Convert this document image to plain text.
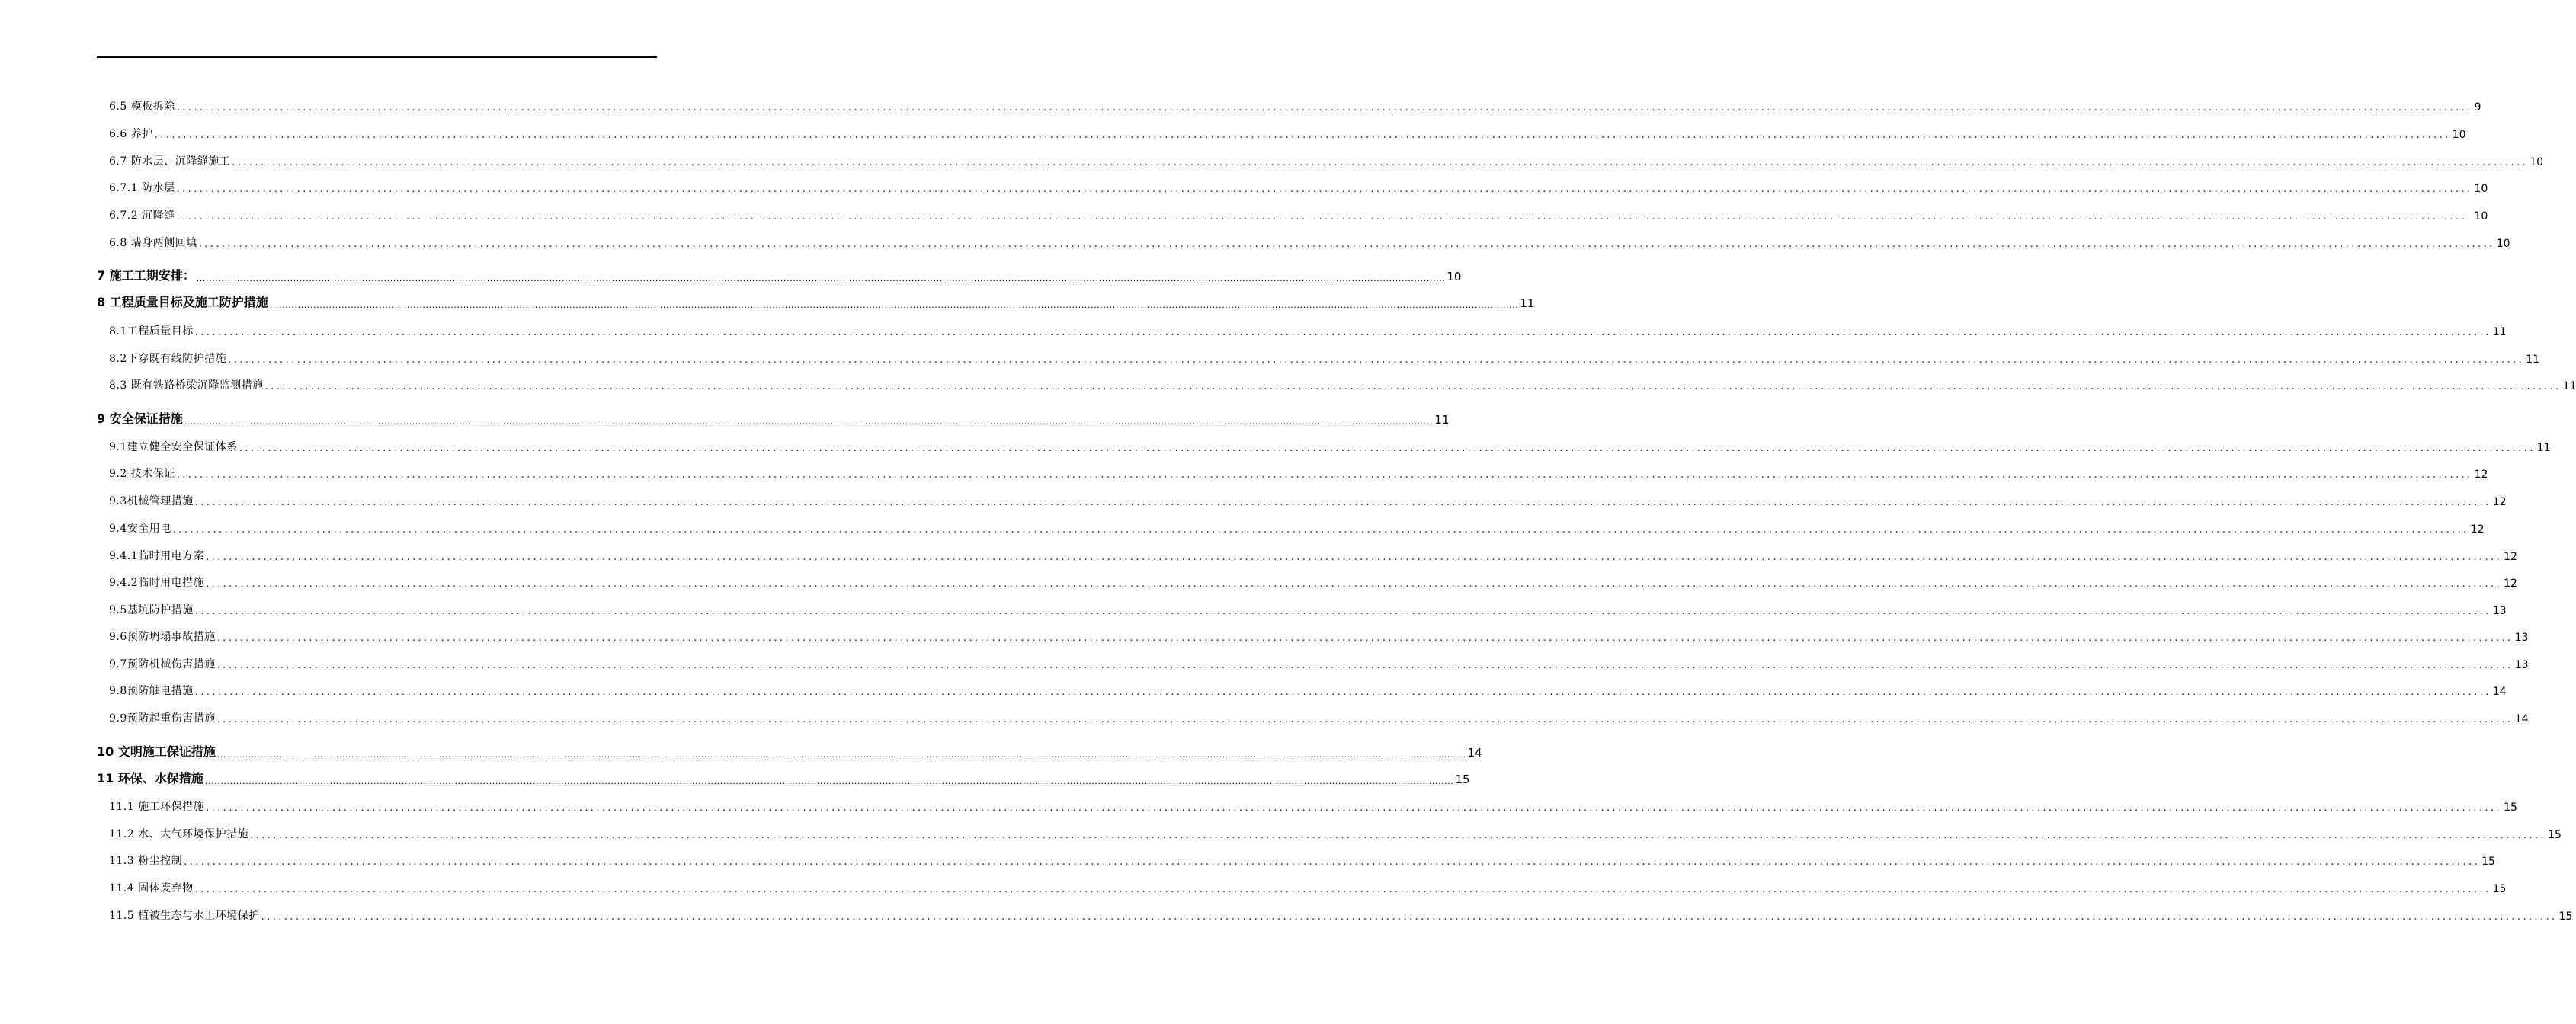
6.5 模板拆除 ................................................................................................................................................................................................................................................................................................................................................................................................................ 9
6.6 养护 ................................................................................................................................................................................................................................................................................................................................................................................................................ 10
6.7 防水层、沉降缝施工 ................................................................................................................................................................................................................................................................................................................................................................................................................ 10
6.7.1 防水层 ................................................................................................................................................................................................................................................................................................................................................................................................................ 10
6.7.2 沉降缝 ................................................................................................................................................................................................................................................................................................................................................................................................................ 10
6.8 墙身两侧回填 ................................................................................................................................................................................................................................................................................................................................................................................................................ 10
7 施工工期安排： ................................................................................................................................................................................................................................................................................................................................................................................................................ 10
8 工程质量目标及施工防护措施 ................................................................................................................................................................................................................................................................................................................................................................................................................ 11
8.1工程质量目标 ................................................................................................................................................................................................................................................................................................................................................................................................................ 11
8.2下穿既有线防护措施 ................................................................................................................................................................................................................................................................................................................................................................................................................ 11
8.3 既有铁路桥梁沉降监测措施 ................................................................................................................................................................................................................................................................................................................................................................................................................ 11
9 安全保证措施 ................................................................................................................................................................................................................................................................................................................................................................................................................ 11
9.1建立健全安全保证体系 ................................................................................................................................................................................................................................................................................................................................................................................................................ 11
9.2 技术保证 ................................................................................................................................................................................................................................................................................................................................................................................................................ 12
9.3机械管理措施 ................................................................................................................................................................................................................................................................................................................................................................................................................ 12
9.4安全用电 ................................................................................................................................................................................................................................................................................................................................................................................................................ 12
9.4.1临时用电方案 ................................................................................................................................................................................................................................................................................................................................................................................................................ 12
9.4.2临时用电措施 ................................................................................................................................................................................................................................................................................................................................................................................................................ 12
9.5基坑防护措施 ................................................................................................................................................................................................................................................................................................................................................................................................................ 13
9.6预防坍塌事故措施 ................................................................................................................................................................................................................................................................................................................................................................................................................ 13
9.7预防机械伤害措施 ................................................................................................................................................................................................................................................................................................................................................................................................................ 13
9.8预防触电措施 ................................................................................................................................................................................................................................................................................................................................................................................................................ 14
9.9预防起重伤害措施 ................................................................................................................................................................................................................................................................................................................................................................................................................ 14
10 文明施工保证措施 ................................................................................................................................................................................................................................................................................................................................................................................................................ 14
11 环保、水保措施 ................................................................................................................................................................................................................................................................................................................................................................................................................ 15
11.1 施工环保措施 ................................................................................................................................................................................................................................................................................................................................................................................................................ 15
11.2 水、大气环境保护措施 ................................................................................................................................................................................................................................................................................................................................................................................................................ 15
11.3 粉尘控制 ................................................................................................................................................................................................................................................................................................................................................................................................................ 15
11.4 固体废弃物 ................................................................................................................................................................................................................................................................................................................................................................................................................ 15
11.5 植被生态与水土环境保护 ................................................................................................................................................................................................................................................................................................................................................................................................................ 15
